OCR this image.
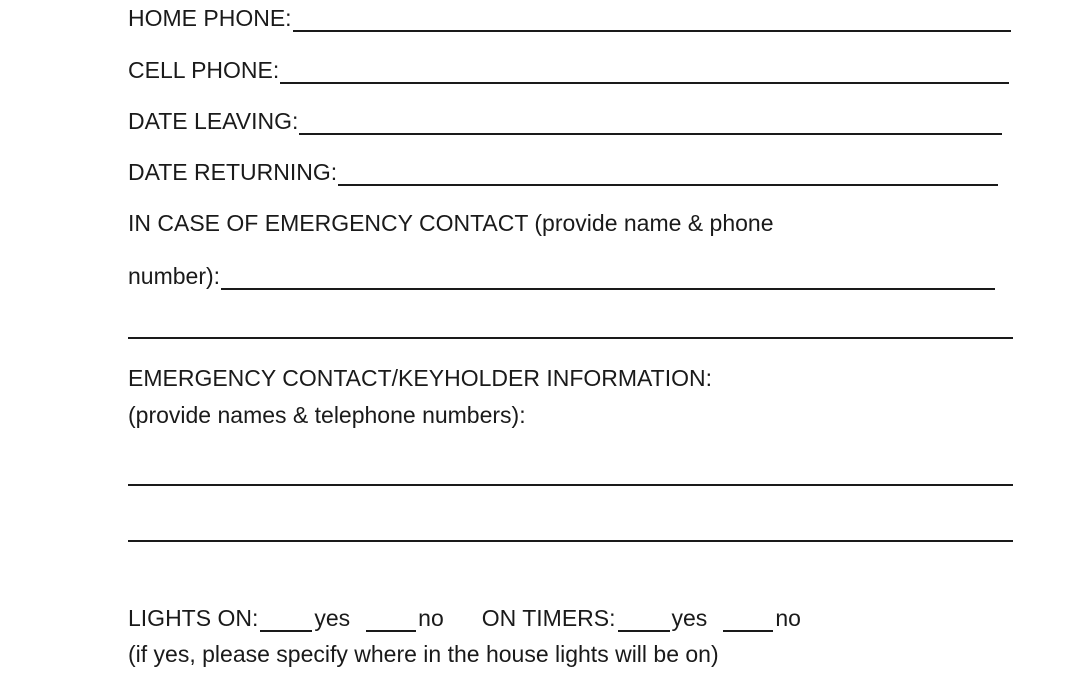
HOME PHONE:
CELL PHONE:
DATE LEAVING:
DATE RETURNING:
IN CASE OF EMERGENCY CONTACT (provide name & phone
number):
EMERGENCY CONTACT/KEYHOLDER INFORMATION:
(provide names & telephone numbers):
LIGHTS ON: yes	no ON TIMERS: yes	no
(if yes, please specify where in the house lights will be on)
